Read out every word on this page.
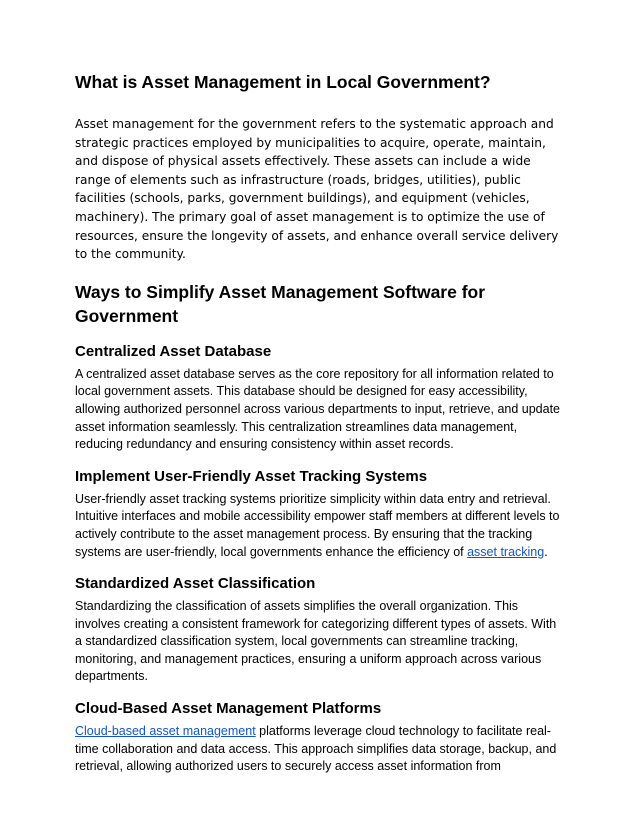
What is Asset Management in Local Government?

Asset management for the government refers to the systematic approach and strategic practices employed by municipalities to acquire, operate, maintain, and dispose of physical assets effectively. These assets can include a wide range of elements such as infrastructure (roads, bridges, utilities), public facilities (schools, parks, government buildings), and equipment (vehicles, machinery). The primary goal of asset management is to optimize the use of resources, ensure the longevity of assets, and enhance overall service delivery to the community.

Ways to Simplify Asset Management Software for Government
Centralized Asset Database

A centralized asset database serves as the core repository for all information related to local government assets. This database should be designed for easy accessibility, allowing authorized personnel across various departments to input, retrieve, and update asset information seamlessly. This centralization streamlines data management, reducing redundancy and ensuring consistency within asset records.

Implement User-Friendly Asset Tracking Systems

User-friendly asset tracking systems prioritize simplicity within data entry and retrieval. Intuitive interfaces and mobile accessibility empower staff members at different levels to actively contribute to the asset management process. By ensuring that the tracking systems are user-friendly, local governments enhance the efficiency of asset tracking.

Standardized Asset Classification

Standardizing the classification of assets simplifies the overall organization. This involves creating a consistent framework for categorizing different types of assets. With a standardized classification system, local governments can streamline tracking, monitoring, and management practices, ensuring a uniform approach across various departments.

Cloud-Based Asset Management Platforms

Cloud-based asset management platforms leverage cloud technology to facilitate real-time collaboration and data access. This approach simplifies data storage, backup, and retrieval, allowing authorized users to securely access asset information from
